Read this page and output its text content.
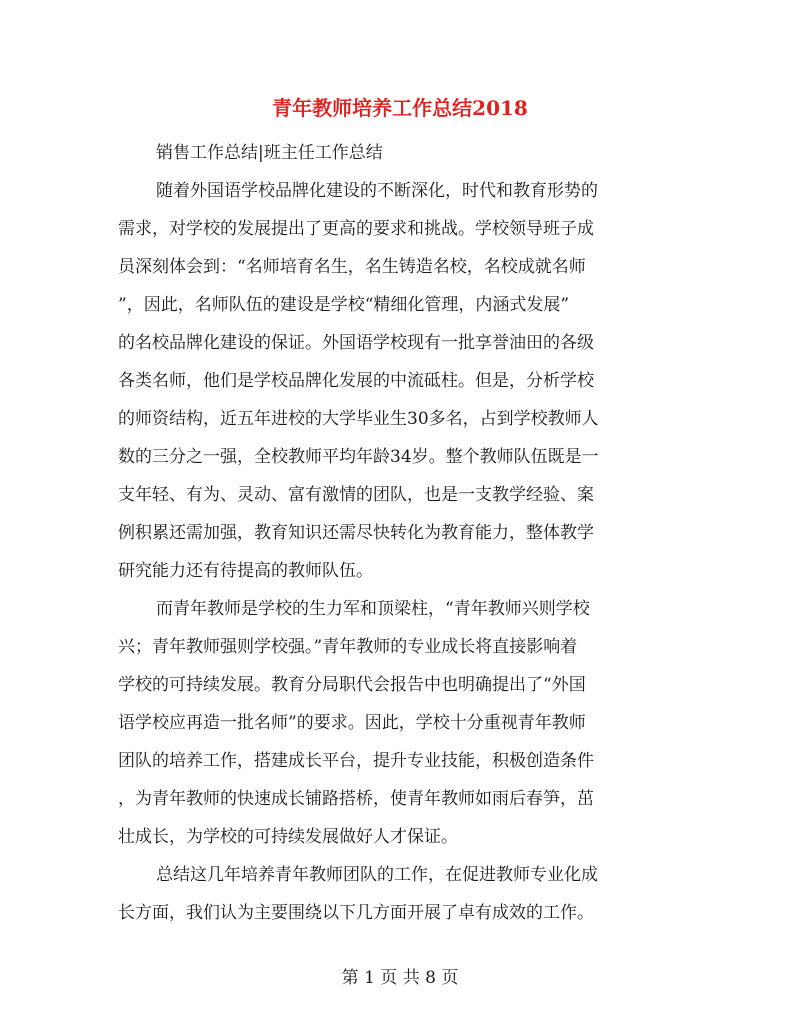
青年教师培养工作总结2018
销售工作总结|班主任工作总结
随着外国语学校品牌化建设的不断深化，时代和教育形势的
需求，对学校的发展提出了更高的要求和挑战。学校领导班子成
员深刻体会到：“名师培育名生，名生铸造名校，名校成就名师
”，因此，名师队伍的建设是学校“精细化管理，内涵式发展”
的名校品牌化建设的保证。外国语学校现有一批享誉油田的各级
各类名师，他们是学校品牌化发展的中流砥柱。但是，分析学校
的师资结构，近五年进校的大学毕业生30多名，占到学校教师人
数的三分之一强，全校教师平均年龄34岁。整个教师队伍既是一
支年轻、有为、灵动、富有激情的团队，也是一支教学经验、案
例积累还需加强，教育知识还需尽快转化为教育能力，整体教学
研究能力还有待提高的教师队伍。
而青年教师是学校的生力军和顶梁柱，“青年教师兴则学校
兴；青年教师强则学校强。”青年教师的专业成长将直接影响着
学校的可持续发展。教育分局职代会报告中也明确提出了“外国
语学校应再造一批名师”的要求。因此，学校十分重视青年教师
团队的培养工作，搭建成长平台，提升专业技能，积极创造条件
，为青年教师的快速成长铺路搭桥，使青年教师如雨后春笋，茁
壮成长，为学校的可持续发展做好人才保证。
总结这几年培养青年教师团队的工作，在促进教师专业化成
长方面，我们认为主要围绕以下几方面开展了卓有成效的工作。
第 1 页 共 8 页
